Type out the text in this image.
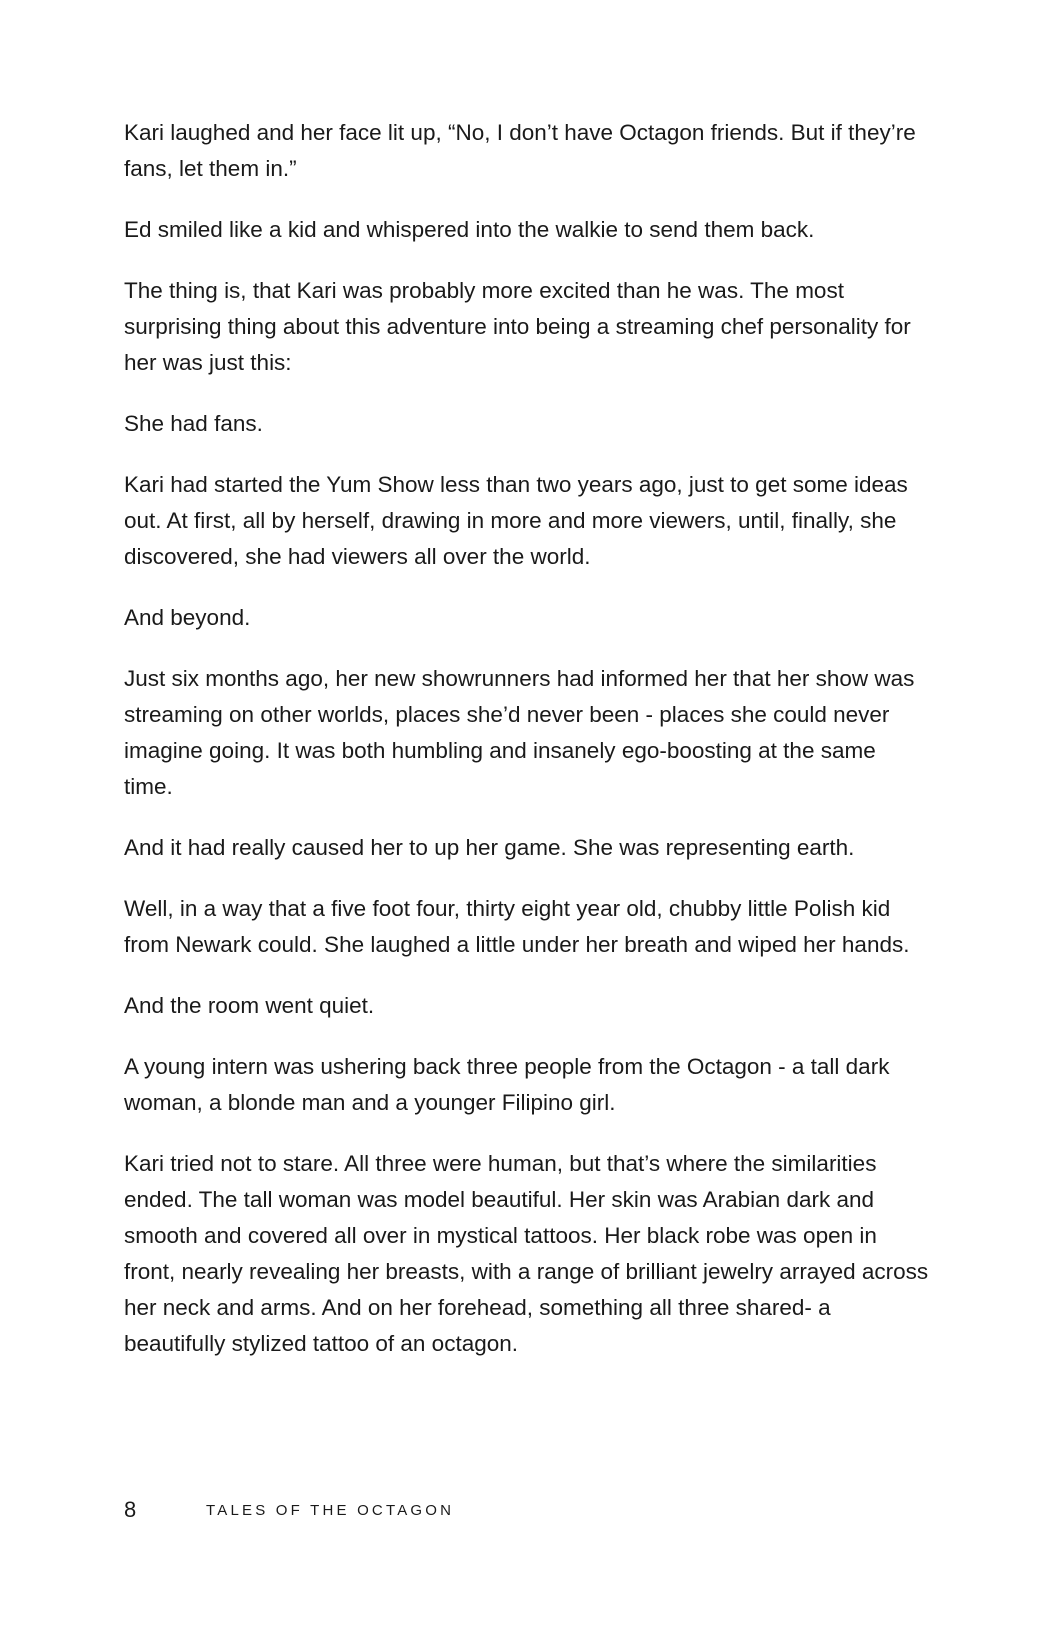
Kari laughed and her face lit up, “No, I don’t have Octagon friends. But if they’re fans, let them in.”

Ed smiled like a kid and whispered into the walkie to send them back.

The thing is, that Kari was probably more excited than he was. The most surprising thing about this adventure into being a streaming chef personality for her was just this:

She had fans.

Kari had started the Yum Show less than two years ago, just to get some ideas out. At first, all by herself, drawing in more and more viewers, until, finally, she discovered, she had viewers all over the world.

And beyond.

Just six months ago, her new showrunners had informed her that her show was streaming on other worlds, places she’d never been - places she could never imagine going. It was both humbling and insanely ego-boosting at the same time.

And it had really caused her to up her game. She was representing earth.

Well, in a way that a five foot four, thirty eight year old, chubby little Polish kid from Newark could. She laughed a little under her breath and wiped her hands.

And the room went quiet.

A young intern was ushering back three people from the Octagon - a tall dark woman, a blonde man and a younger Filipino girl.

Kari tried not to stare. All three were human, but that’s where the similarities ended. The tall woman was model beautiful. Her skin was Arabian dark and smooth and covered all over in mystical tattoos. Her black robe was open in front, nearly revealing her breasts, with a range of brilliant jewelry arrayed across her neck and arms. And on her forehead, something all three shared- a beautifully stylized tattoo of an octagon.

8	TALES OF THE OCTAGON
